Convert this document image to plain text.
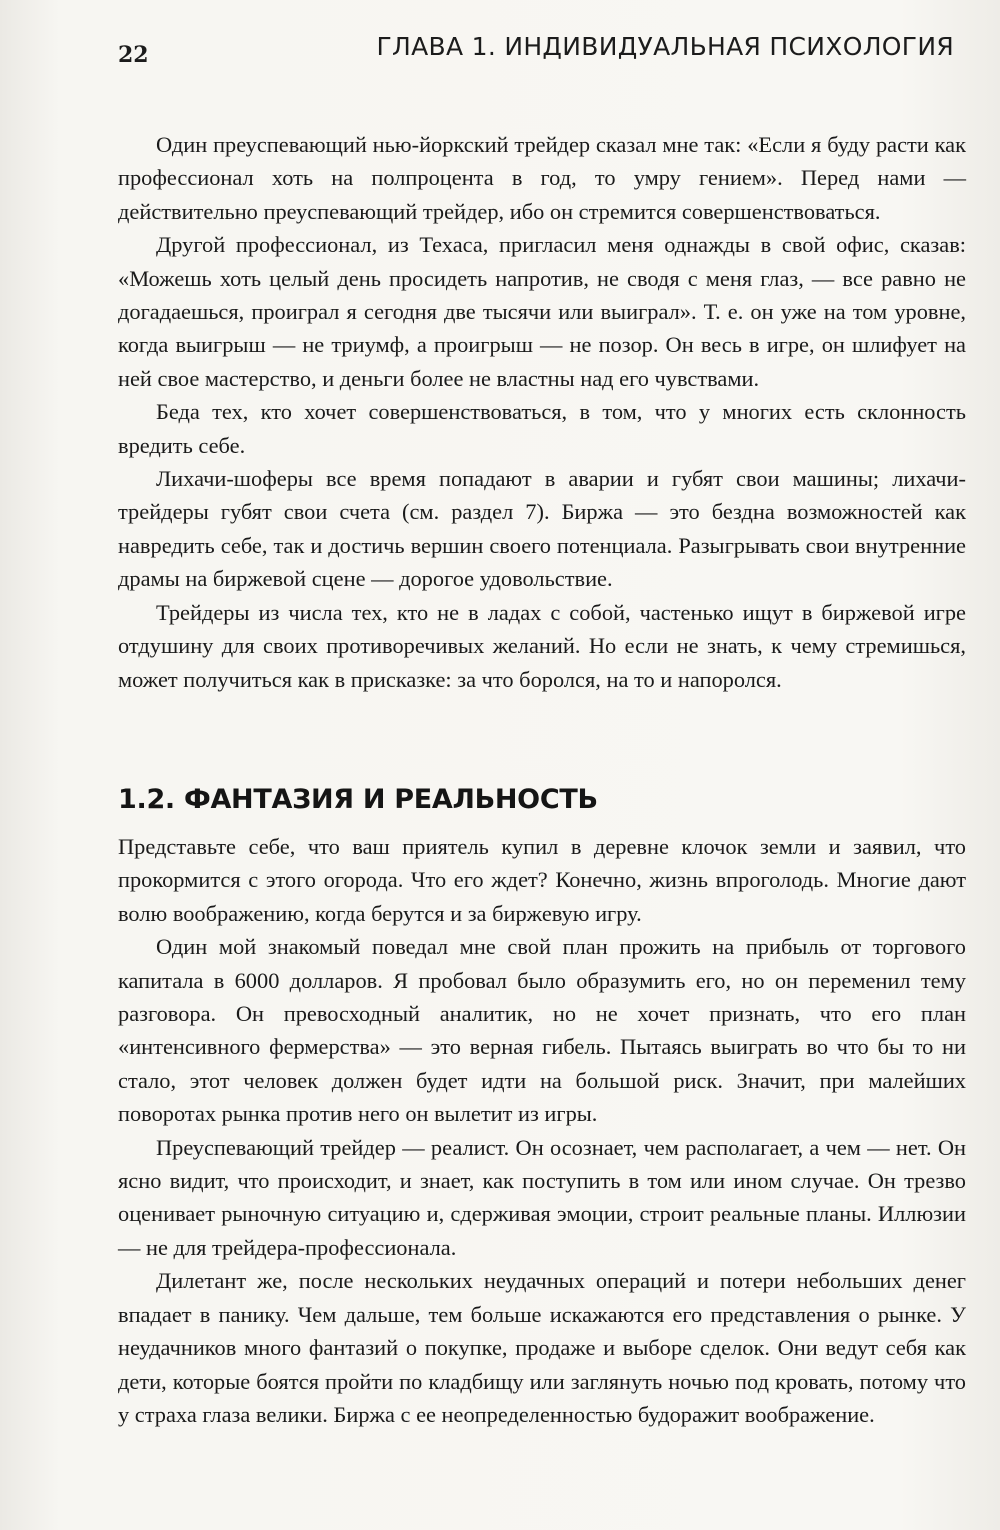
22	ГЛАВА 1. ИНДИВИДУАЛЬНАЯ ПСИХОЛОГИЯ

Один преуспевающий нью-йоркский трейдер сказал мне так: «Если я буду расти как профессионал хоть на полпроцента в год, то умру гением». Перед нами — действительно преуспевающий трейдер, ибо он стремится совершенствоваться.

Другой профессионал, из Техаса, пригласил меня однажды в свой офис, сказав: «Можешь хоть целый день просидеть напротив, не сводя с меня глаз, — все равно не догадаешься, проиграл я сегодня две тысячи или выиграл». Т. е. он уже на том уровне, когда выигрыш — не триумф, а проигрыш — не позор. Он весь в игре, он шлифует на ней свое мастерство, и деньги более не властны над его чувствами.

Беда тех, кто хочет совершенствоваться, в том, что у многих есть склонность вредить себе.

Лихачи-шоферы все время попадают в аварии и губят свои машины; лихачи-трейдеры губят свои счета (см. раздел 7). Биржа — это бездна возможностей как навредить себе, так и достичь вершин своего потенциала. Разыгрывать свои внутренние драмы на биржевой сцене — дорогое удовольствие.

Трейдеры из числа тех, кто не в ладах с собой, частенько ищут в биржевой игре отдушину для своих противоречивых желаний. Но если не знать, к чему стремишься, может получиться как в присказке: за что боролся, на то и напоролся.

1.2. ФАНТАЗИЯ И РЕАЛЬНОСТЬ

Представьте себе, что ваш приятель купил в деревне клочок земли и заявил, что прокормится с этого огорода. Что его ждет? Конечно, жизнь впроголодь. Многие дают волю воображению, когда берутся и за биржевую игру.

Один мой знакомый поведал мне свой план прожить на прибыль от торгового капитала в 6000 долларов. Я пробовал было образумить его, но он переменил тему разговора. Он превосходный аналитик, но не хочет признать, что его план «интенсивного фермерства» — это верная гибель. Пытаясь выиграть во что бы то ни стало, этот человек должен будет идти на большой риск. Значит, при малейших поворотах рынка против него он вылетит из игры.

Преуспевающий трейдер — реалист. Он осознает, чем располагает, а чем — нет. Он ясно видит, что происходит, и знает, как поступить в том или ином случае. Он трезво оценивает рыночную ситуацию и, сдерживая эмоции, строит реальные планы. Иллюзии — не для трейдера-профессионала.

Дилетант же, после нескольких неудачных операций и потери небольших денег впадает в панику. Чем дальше, тем больше искажаются его представления о рынке. У неудачников много фантазий о покупке, продаже и выборе сделок. Они ведут себя как дети, которые боятся пройти по кладбищу или заглянуть ночью под кровать, потому что у страха глаза велики. Биржа с ее неопределенностью будоражит воображение.
